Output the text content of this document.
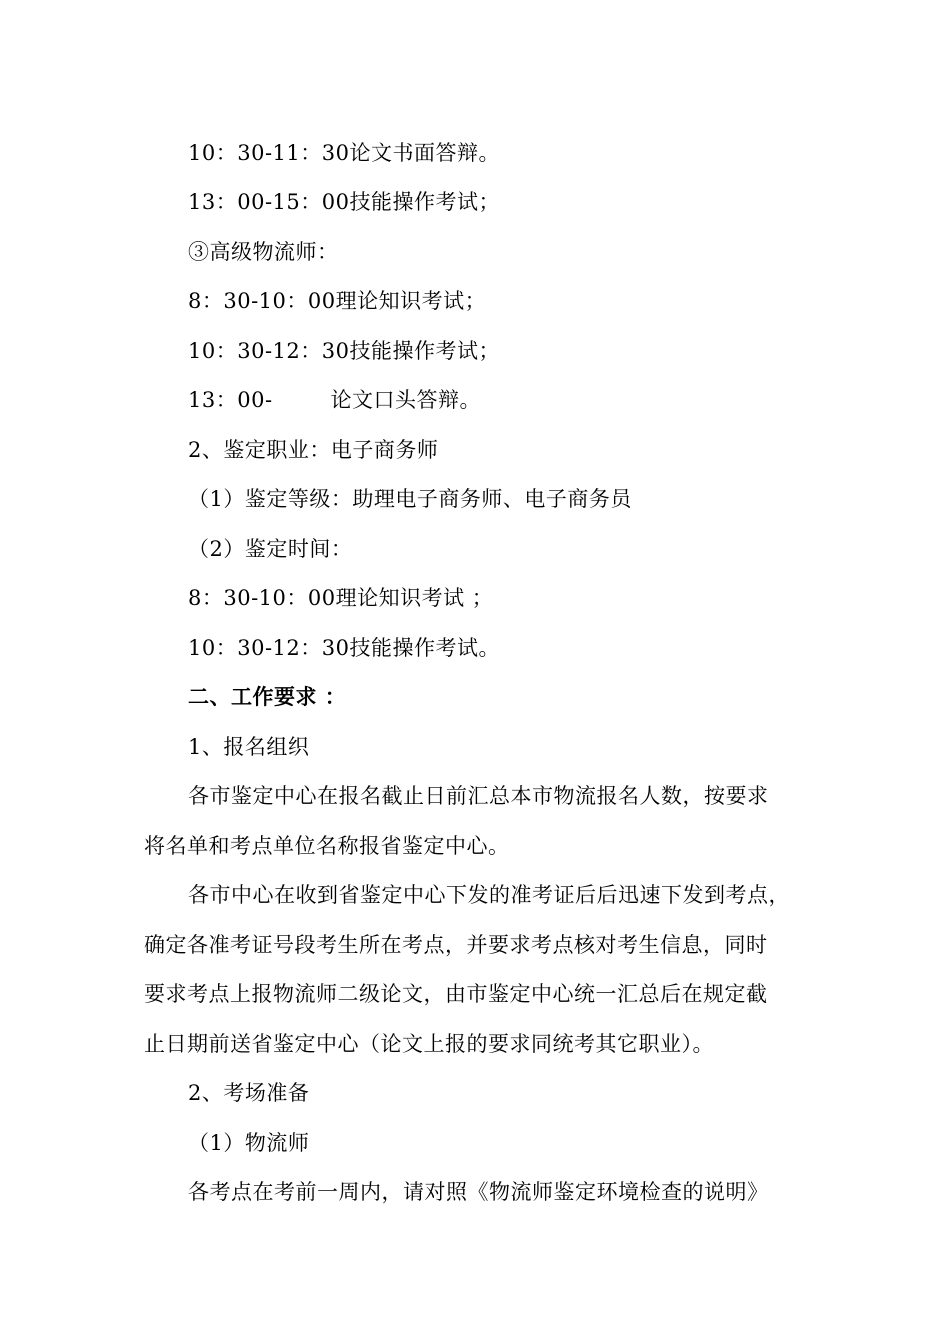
10：30-11：30论文书面答辩。
13：00-15：00技能操作考试；
③高级物流师：
8：30-10：00理论知识考试；
10：30-12：30技能操作考试；
13：00-	论文口头答辩。
2、鉴定职业：电子商务师
（1）鉴定等级：助理电子商务师、电子商务员
（2）鉴定时间：
8：30-10：00理论知识考试 ；
10：30-12：30技能操作考试。
二、工作要求 ：
1、报名组织
各市鉴定中心在报名截止日前汇总本市物流报名人数，按要求
将名单和考点单位名称报省鉴定中心。
各市中心在收到省鉴定中心下发的准考证后后迅速下发到考点，
确定各准考证号段考生所在考点，并要求考点核对考生信息，同时
要求考点上报物流师二级论文，由市鉴定中心统一汇总后在规定截
止日期前送省鉴定中心（论文上报的要求同统考其它职业）。
2、考场准备
（1）物流师
各考点在考前一周内，请对照《物流师鉴定环境检查的说明》
